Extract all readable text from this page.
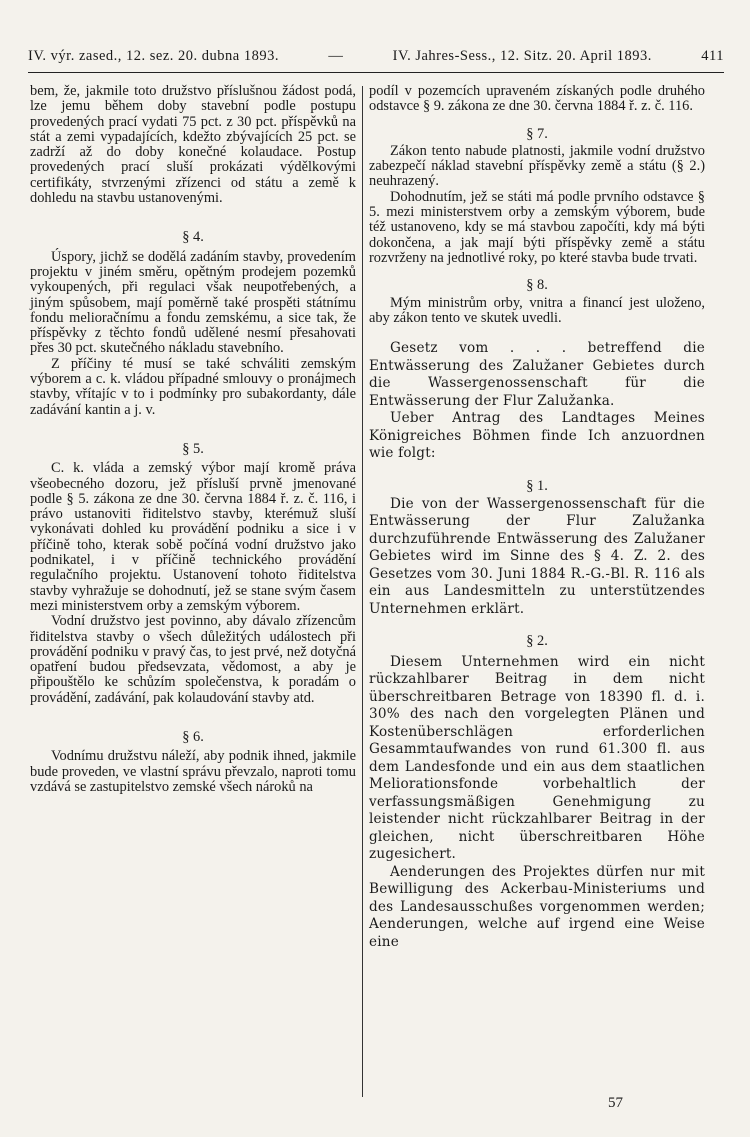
IV. výr. zased., 12. sez. 20. dubna 1893.	—	IV. Jahres-Sess., 12. Sitz. 20. April 1893.	411

bem, že, jakmile toto družstvo příslušnou žádost podá, lze jemu během doby stavební podle postupu provedených prací vydati 75 pct. z 30 pct. příspěvků na stát a zemi vypadajících, kdežto zbývajících 25 pct. se zadrží až do doby konečné kolaudace. Postup provedených prací sluší prokázati výdělkovými certifikáty, stvrzenými zřízenci od státu a země k dohledu na stavbu ustanovenými.

§ 4.

Úspory, jichž se dodělá zadáním stavby, provedením projektu v jiném směru, opětným prodejem pozemků vykoupených, při regulaci však neupotřebených, a jiným spůsobem, mají poměrně také prospěti státnímu fondu melioračnímu a fondu zemskému, a sice tak, že příspěvky z těchto fondů udělené nesmí přesahovati přes 30 pct. skutečného nákladu stavebního.

Z příčiny té musí se také schváliti zemským výborem a c. k. vládou případné smlouvy o pronájmech stavby, vřítajíc v to i podmínky pro subakordanty, dále zadávání kantin a j. v.

§ 5.

C. k. vláda a zemský výbor mají kromě práva všeobecného dozoru, jež přísluší prvně jmenované podle § 5. zákona ze dne 30. června 1884 ř. z. č. 116, i právo ustanoviti řiditelstvo stavby, kterémuž sluší vykonávati dohled ku provádění podniku a sice i v příčině toho, kterak sobě počíná vodní družstvo jako podnikatel, i v příčině technického provádění regulačního projektu. Ustanovení tohoto řiditelstva stavby vyhražuje se dohodnutí, jež se stane svým časem mezi ministerstvem orby a zemským výborem.

Vodní družstvo jest povinno, aby dávalo zřízencům řiditelstva stavby o všech důležitých událostech při provádění podniku v pravý čas, to jest prvé, než dotyčná opatření budou předsevzata, vědomost, a aby je připouštělo ke schůzím společenstva, k poradám o provádění, zadávání, pak kolaudování stavby atd.

§ 6.

Vodnímu družstvu náleží, aby podnik ihned, jakmile bude proveden, ve vlastní správu převzalo, naproti tomu vzdává se zastupitelstvo zemské všech nároků na

podíl v pozemcích upraveném získaných podle druhého odstavce § 9. zákona ze dne 30. června 1884 ř. z. č. 116.

§ 7.

Zákon tento nabude platnosti, jakmile vodní družstvo zabezpečí náklad stavební příspěvky země a státu (§ 2.) neuhrazený.

Dohodnutím, jež se státi má podle prvního odstavce § 5. mezi ministerstvem orby a zemským výborem, bude též ustanoveno, kdy se má stavbou započíti, kdy má býti dokončena, a jak mají býti příspěvky země a státu rozvrženy na jednotlivé roky, po které stavba bude trvati.

§ 8.

Mým ministrům orby, vnitra a financí jest uloženo, aby zákon tento ve skutek uvedli.

Gesetz vom . . . betreffend die Entwässerung des Zalužaner Gebietes durch die Wassergenossenschaft für die Entwässerung der Flur Zalužanka.

Ueber Antrag des Landtages Meines Königreiches Böhmen finde Ich anzuordnen wie folgt:

§ 1.

Die von der Wassergenossenschaft für die Entwässerung der Flur Zalužanka durchzuführende Entwässerung des Zalužaner Gebietes wird im Sinne des § 4. Z. 2. des Gesetzes vom 30. Juni 1884 R.-G.-Bl. R. 116 als ein aus Landesmitteln zu unterstützendes Unternehmen erklärt.

§ 2.

Diesem Unternehmen wird ein nicht rückzahlbarer Beitrag in dem nicht überschreitbaren Betrage von 18390 fl. d. i. 30% des nach den vorgelegten Plänen und Kostenüberschlägen erforderlichen Gesammtaufwandes von rund 61.300 fl. aus dem Landesfonde und ein aus dem staatlichen Meliorationsfonde vorbehaltlich der verfassungsmäßigen Genehmigung zu leistender nicht rückzahlbarer Beitrag in der gleichen, nicht überschreitbaren Höhe zugesichert.

Aenderungen des Projektes dürfen nur mit Bewilligung des Ackerbau-Ministeriums und des Landesausschußes vorgenommen werden; Aenderungen, welche auf irgend eine Weise eine

57
